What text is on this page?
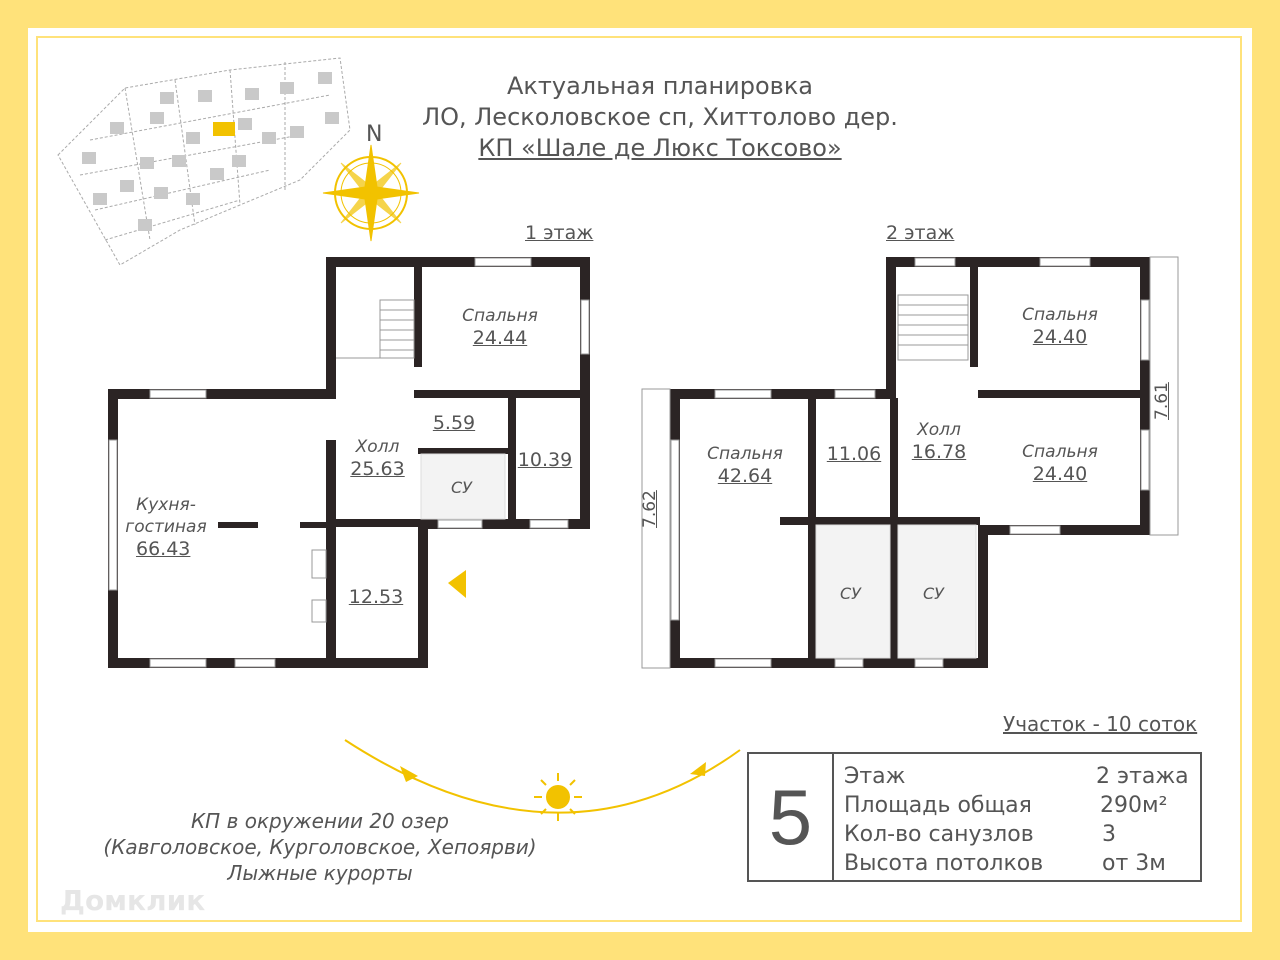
Актуальная планировка
ЛО, Лесколовское сп, Хиттолово дер.
КП «Шале де Люкс Токсово»
N
1 этаж	2 этаж
Спальня
24.44
5.59
Холл
25.63	10.39
СУ
Кухня-
гостиная
66.43
12.53
Спальня
24.40
Спальня
24.40
Спальня
42.64
11.06
Холл
16.78
СУ	СУ
7.62
7.61
Участок - 10 соток
5	Этаж	2 этажа
Площадь общая	290м²
Кол-во санузлов	3
Высота потолков	от 3м
КП в окружении 20 озер
(Кавголовское, Курголовское, Хепоярви)
Лыжные курорты
Домклик
